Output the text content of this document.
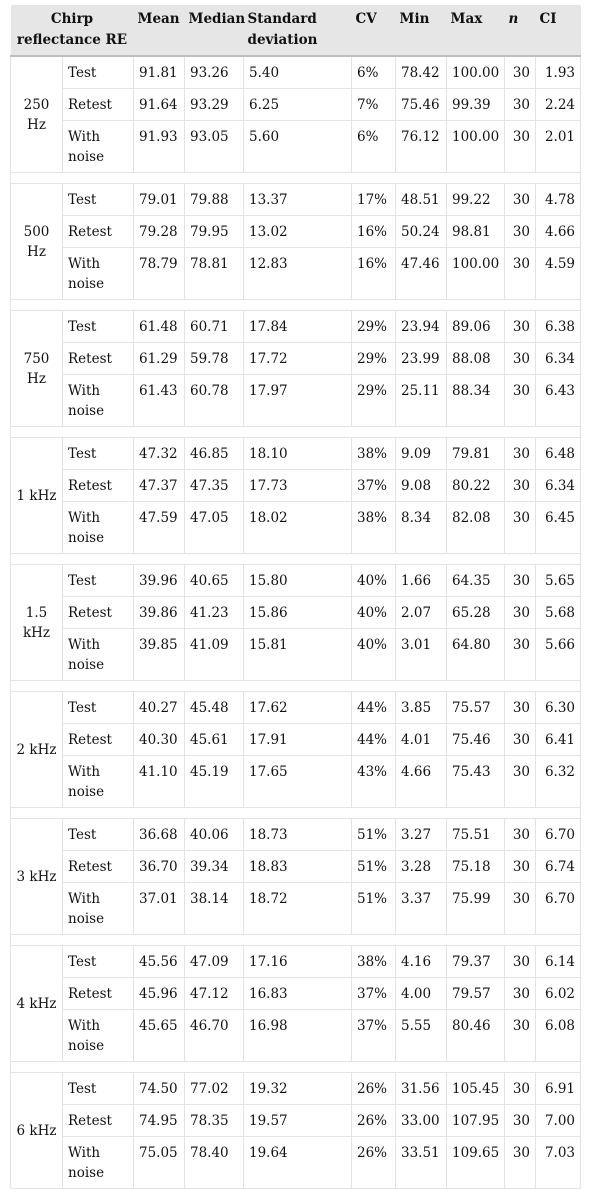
Chirp reflectance RE		Mean	Median	Standard deviation	CV	Min	Max	n	CI
250 Hz	Test	91.81	93.26	5.40	6%	78.42	100.00	30	1.93
	Retest	91.64	93.29	6.25	7%	75.46	99.39	30	2.24
	With noise	91.93	93.05	5.60	6%	76.12	100.00	30	2.01

500 Hz	Test	79.01	79.88	13.37	17%	48.51	99.22	30	4.78
	Retest	79.28	79.95	13.02	16%	50.24	98.81	30	4.66
	With noise	78.79	78.81	12.83	16%	47.46	100.00	30	4.59

750 Hz	Test	61.48	60.71	17.84	29%	23.94	89.06	30	6.38
	Retest	61.29	59.78	17.72	29%	23.99	88.08	30	6.34
	With noise	61.43	60.78	17.97	29%	25.11	88.34	30	6.43

1 kHz	Test	47.32	46.85	18.10	38%	9.09	79.81	30	6.48
	Retest	47.37	47.35	17.73	37%	9.08	80.22	30	6.34
	With noise	47.59	47.05	18.02	38%	8.34	82.08	30	6.45

1.5 kHz	Test	39.96	40.65	15.80	40%	1.66	64.35	30	5.65
	Retest	39.86	41.23	15.86	40%	2.07	65.28	30	5.68
	With noise	39.85	41.09	15.81	40%	3.01	64.80	30	5.66

2 kHz	Test	40.27	45.48	17.62	44%	3.85	75.57	30	6.30
	Retest	40.30	45.61	17.91	44%	4.01	75.46	30	6.41
	With noise	41.10	45.19	17.65	43%	4.66	75.43	30	6.32

3 kHz	Test	36.68	40.06	18.73	51%	3.27	75.51	30	6.70
	Retest	36.70	39.34	18.83	51%	3.28	75.18	30	6.74
	With noise	37.01	38.14	18.72	51%	3.37	75.99	30	6.70

4 kHz	Test	45.56	47.09	17.16	38%	4.16	79.37	30	6.14
	Retest	45.96	47.12	16.83	37%	4.00	79.57	30	6.02
	With noise	45.65	46.70	16.98	37%	5.55	80.46	30	6.08

6 kHz	Test	74.50	77.02	19.32	26%	31.56	105.45	30	6.91
	Retest	74.95	78.35	19.57	26%	33.00	107.95	30	7.00
	With noise	75.05	78.40	19.64	26%	33.51	109.65	30	7.03
